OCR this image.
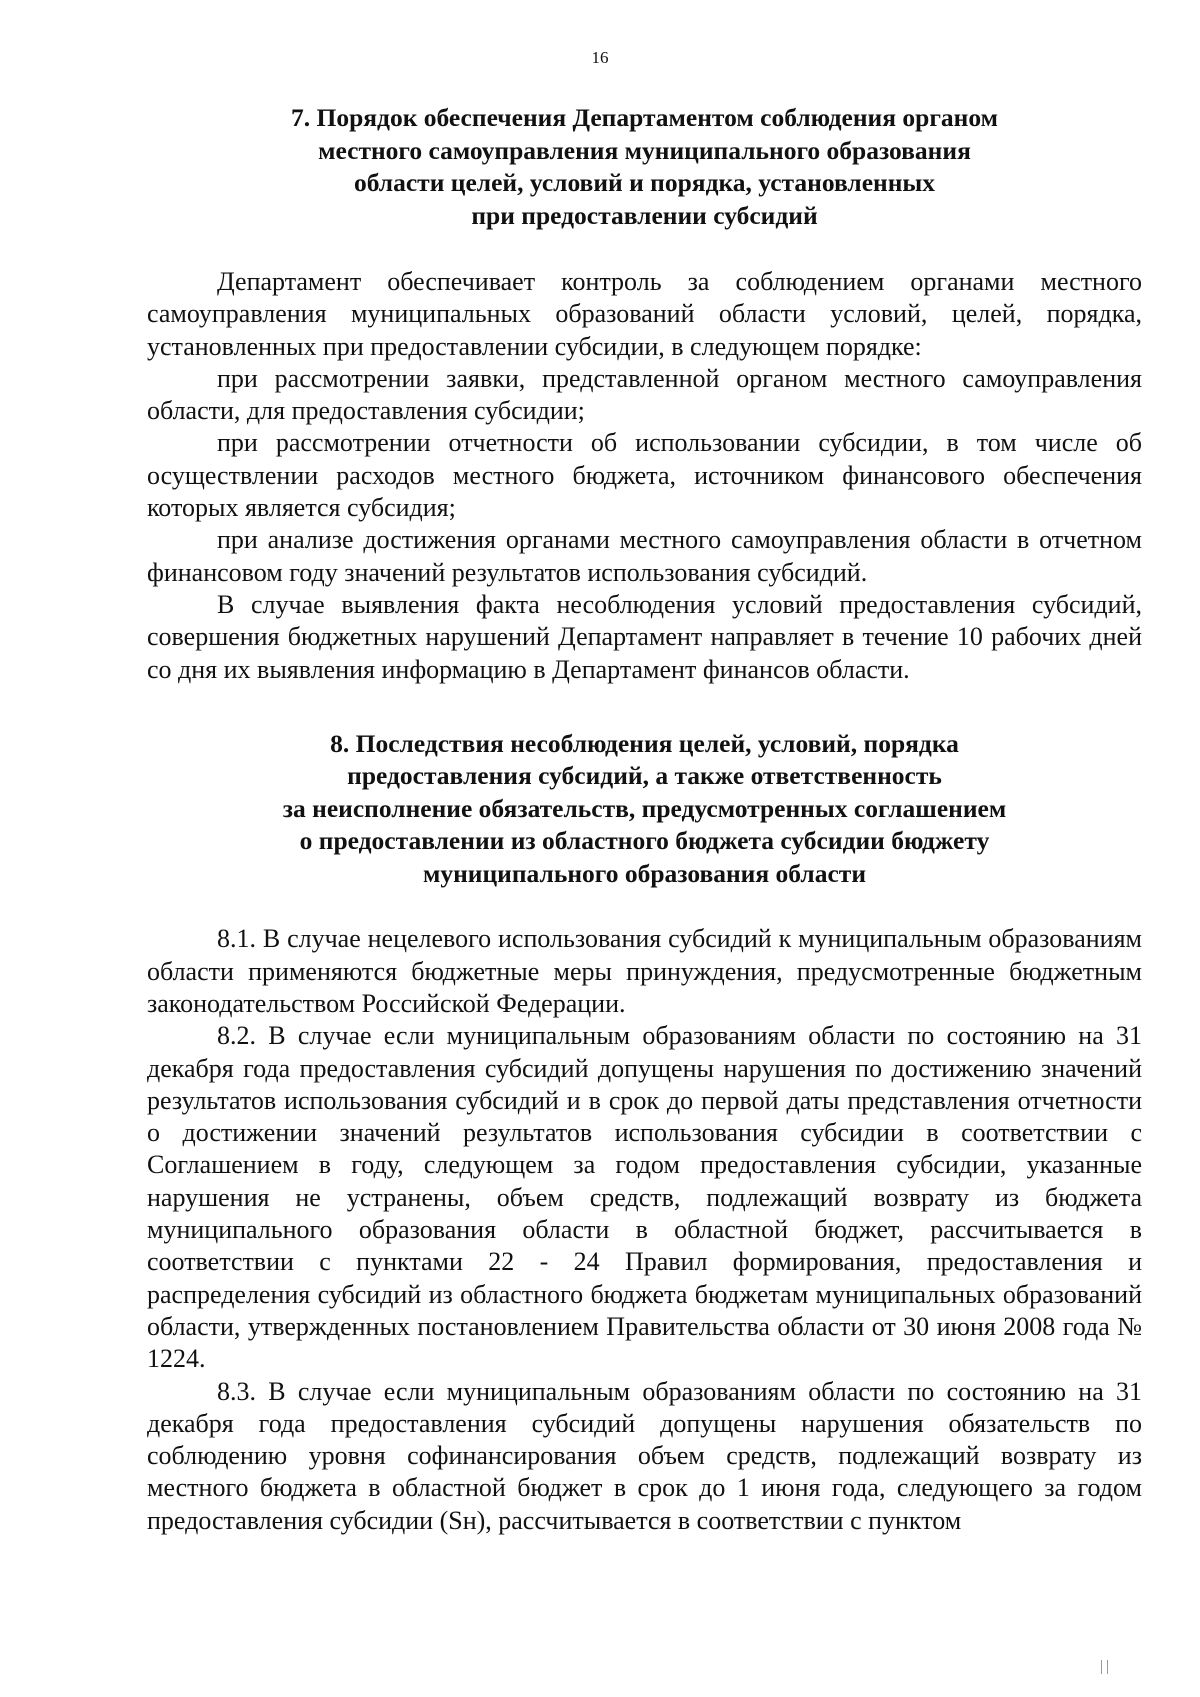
16
7. Порядок обеспечения Департаментом соблюдения органом
местного самоуправления муниципального образования
области целей, условий и порядка, установленных
при предоставлении субсидий

Департамент обеспечивает контроль за соблюдением органами местного самоуправления муниципальных образований области условий, целей, порядка, установленных при предоставлении субсидии, в следующем порядке:

при рассмотрении заявки, представленной органом местного самоуправления области, для предоставления субсидии;

при рассмотрении отчетности об использовании субсидии, в том числе об осуществлении расходов местного бюджета, источником финансового обеспечения которых является субсидия;

при анализе достижения органами местного самоуправления области в отчетном финансовом году значений результатов использования субсидий.

В случае выявления факта несоблюдения условий предоставления субсидий, совершения бюджетных нарушений Департамент направляет в течение 10 рабочих дней со дня их выявления информацию в Департамент финансов области.

8. Последствия несоблюдения целей, условий, порядка
предоставления субсидий, а также ответственность
за неисполнение обязательств, предусмотренных соглашением
о предоставлении из областного бюджета субсидии бюджету
муниципального образования области

8.1. В случае нецелевого использования субсидий к муниципальным образованиям области применяются бюджетные меры принуждения, предусмотренные бюджетным законодательством Российской Федерации.

8.2. В случае если муниципальным образованиям области по состоянию на 31 декабря года предоставления субсидий допущены нарушения по достижению значений результатов использования субсидий и в срок до первой даты представления отчетности о достижении значений результатов использования субсидии в соответствии с Соглашением в году, следующем за годом предоставления субсидии, указанные нарушения не устранены, объем средств, подлежащий возврату из бюджета муниципального образования области в областной бюджет, рассчитывается в соответствии с пунктами 22 - 24 Правил формирования, предоставления и распределения субсидий из областного бюджета бюджетам муниципальных образований области, утвержденных постановлением Правительства области от 30 июня 2008 года № 1224.

8.3. В случае если муниципальным образованиям области по состоянию на 31 декабря года предоставления субсидий допущены нарушения обязательств по соблюдению уровня софинансирования объем средств, подлежащий возврату из местного бюджета в областной бюджет в срок до 1 июня года, следующего за годом предоставления субсидии (Sн), рассчитывается в соответствии с пунктом
